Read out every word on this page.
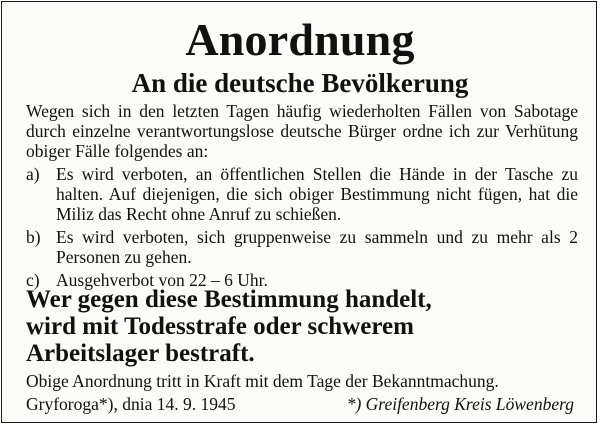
Anordnung
An die deutsche Bevölkerung
Wegen sich in den letzten Tagen häufig wiederholten Fällen von Sabotage durch einzelne verantwortungslose deutsche Bürger ordne ich zur Verhütung obiger Fälle folgendes an:
a) Es wird verboten, an öffentlichen Stellen die Hände in der Tasche zu halten. Auf diejenigen, die sich obiger Bestimmung nicht fügen, hat die Miliz das Recht ohne Anruf zu schießen.
b) Es wird verboten, sich gruppenweise zu sammeln und zu mehr als 2 Personen zu gehen.
c) Ausgehverbot von 22 – 6 Uhr.
Wer gegen diese Bestimmung handelt,
wird mit Todesstrafe oder schwerem
Arbeitslager bestraft.
Obige Anordnung tritt in Kraft mit dem Tage der Bekanntmachung.
Gryforoga*), dnia 14. 9. 1945	*) Greifenberg Kreis Löwenberg
